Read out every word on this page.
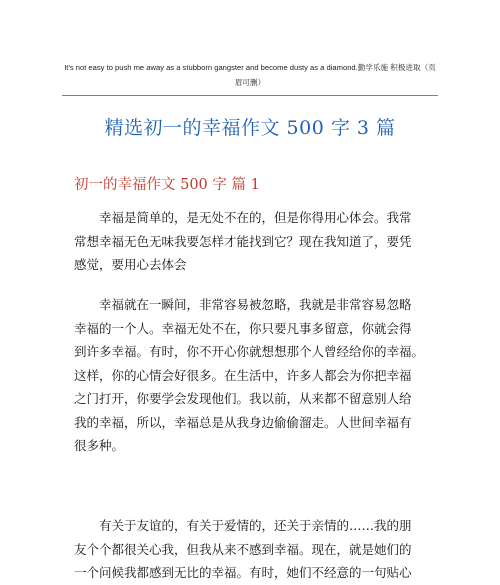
It's not easy to push me away as a stubborn gangster and become dusty as a diamond.勤学乐施 积极进取（页
眉可删）
精选初一的幸福作文 500 字 3 篇
初一的幸福作文 500 字 篇 1
幸福是简单的，是无处不在的，但是你得用心体会。我常
常想幸福无色无味我要怎样才能找到它？现在我知道了，要凭
感觉，要用心去体会
幸福就在一瞬间，非常容易被忽略，我就是非常容易忽略
幸福的一个人。幸福无处不在，你只要凡事多留意，你就会得
到许多幸福。有时，你不开心你就想想那个人曾经给你的幸福。
这样，你的心情会好很多。在生活中，许多人都会为你把幸福
之门打开，你要学会发现他们。我以前，从来都不留意别人给
我的幸福，所以，幸福总是从我身边偷偷溜走。人世间幸福有
很多种。
有关于友谊的，有关于爱情的，还关于亲情的……我的朋
友个个都很关心我，但我从来不感到幸福。现在，就是她们的
一个问候我都感到无比的幸福。有时，她们不经意的一句贴心
